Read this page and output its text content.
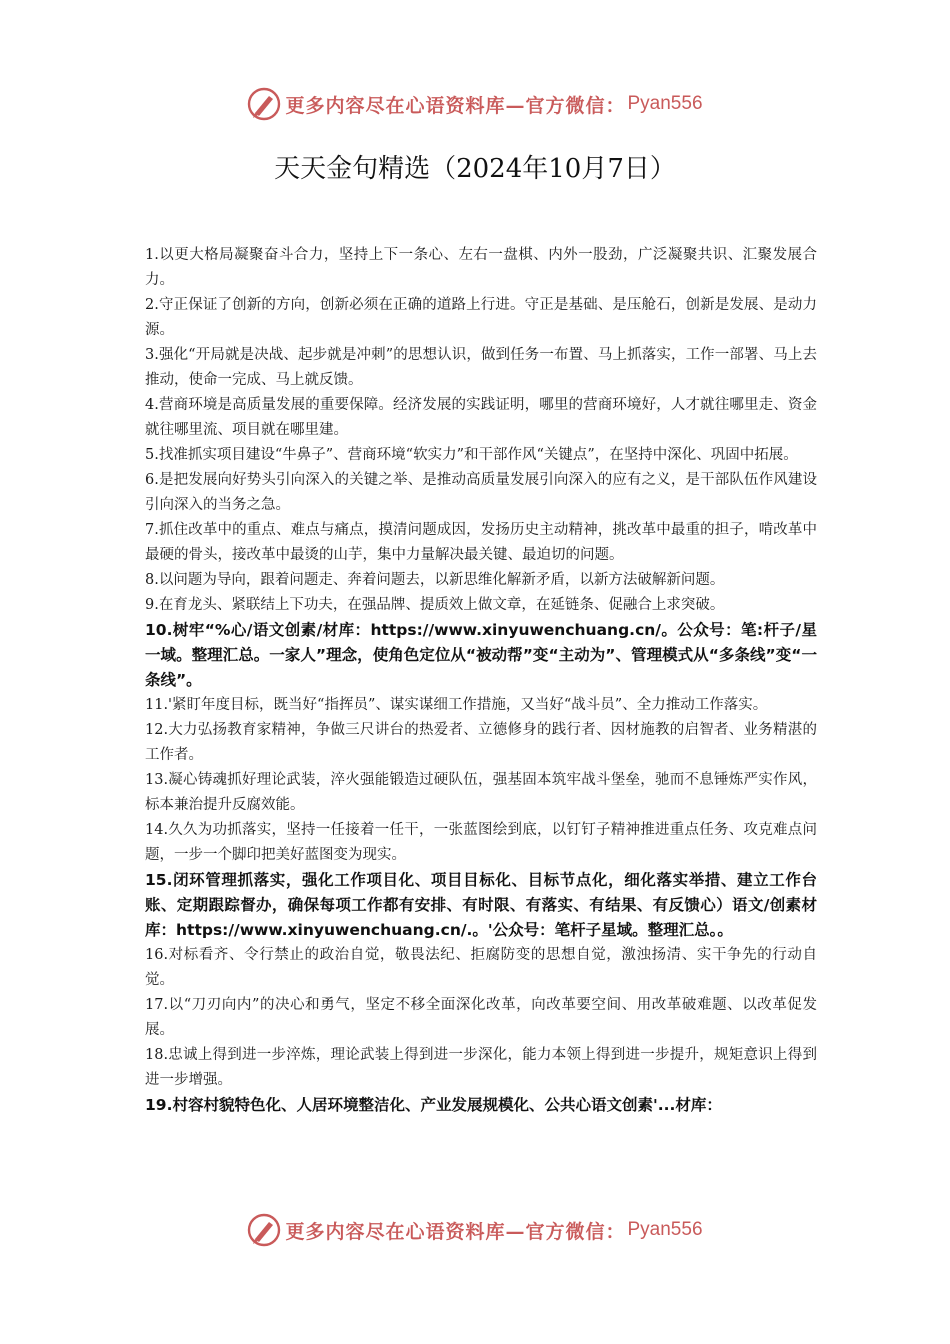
更多内容尽在心语资料库—官方微信： Pyan556
天天金句精选（2024年10月7日）

1.以更大格局凝聚奋斗合力，坚持上下一条心、左右一盘棋、内外一股劲，广泛凝聚共识、汇聚发展合力。

2.守正保证了创新的方向，创新必须在正确的道路上行进。守正是基础、是压舱石，创新是发展、是动力源。

3.强化“开局就是决战、起步就是冲刺”的思想认识，做到任务一布置、马上抓落实，工作一部署、马上去推动，使命一完成、马上就反馈。

4.营商环境是高质量发展的重要保障。经济发展的实践证明，哪里的营商环境好，人才就往哪里走、资金就往哪里流、项目就在哪里建。

5.找准抓实项目建设“牛鼻子”、营商环境“软实力”和干部作风“关键点”，在坚持中深化、巩固中拓展。

6.是把发展向好势头引向深入的关键之举、是推动高质量发展引向深入的应有之义，是干部队伍作风建设引向深入的当务之急。

7.抓住改革中的重点、难点与痛点，摸清问题成因，发扬历史主动精神，挑改革中最重的担子，啃改革中最硬的骨头，接改革中最烫的山芋，集中力量解决最关键、最迫切的问题。

8.以问题为导向，跟着问题走、奔着问题去，以新思维化解新矛盾，以新方法破解新问题。

9.在育龙头、紧联结上下功夫，在强品牌、提质效上做文章，在延链条、促融合上求突破。

10.树牢“%心/语文创素/材库：https://www.xinyuwenchuang.cn/。公众号：笔:杆子/星一域。整理汇总。一家人”理念，使角色定位从“被动帮”变“主动为”、管理模式从“多条线”变“一条线”。

11.'紧盯年度目标，既当好“指挥员”、谋实谋细工作措施，又当好“战斗员”、全力推动工作落实。

12.大力弘扬教育家精神，争做三尺讲台的热爱者、立德修身的践行者、因材施教的启智者、业务精湛的工作者。

13.凝心铸魂抓好理论武装，淬火强能锻造过硬队伍，强基固本筑牢战斗堡垒，驰而不息锤炼严实作风，标本兼治提升反腐效能。

14.久久为功抓落实，坚持一任接着一任干，一张蓝图绘到底，以钉钉子精神推进重点任务、攻克难点问题，一步一个脚印把美好蓝图变为现实。

15.闭环管理抓落实，强化工作项目化、项目目标化、目标节点化，细化落实举措、建立工作台账、定期跟踪督办，确保每项工作都有安排、有时限、有落实、有结果、有反馈心）语文/创素材库：https://www.xinyuwenchuang.cn/.。'公众号：笔杆子星域。整理汇总。。

16.对标看齐、令行禁止的政治自觉，敬畏法纪、拒腐防变的思想自觉，激浊扬清、实干争先的行动自觉。

17.以“刀刃向内”的决心和勇气，坚定不移全面深化改革，向改革要空间、用改革破难题、以改革促发展。

18.忠诚上得到进一步淬炼，理论武装上得到进一步深化，能力本领上得到进一步提升，规矩意识上得到进一步增强。

19.村容村貌特色化、人居环境整洁化、产业发展规模化、公共心语文创素'...材库：

更多内容尽在心语资料库—官方微信： Pyan556
